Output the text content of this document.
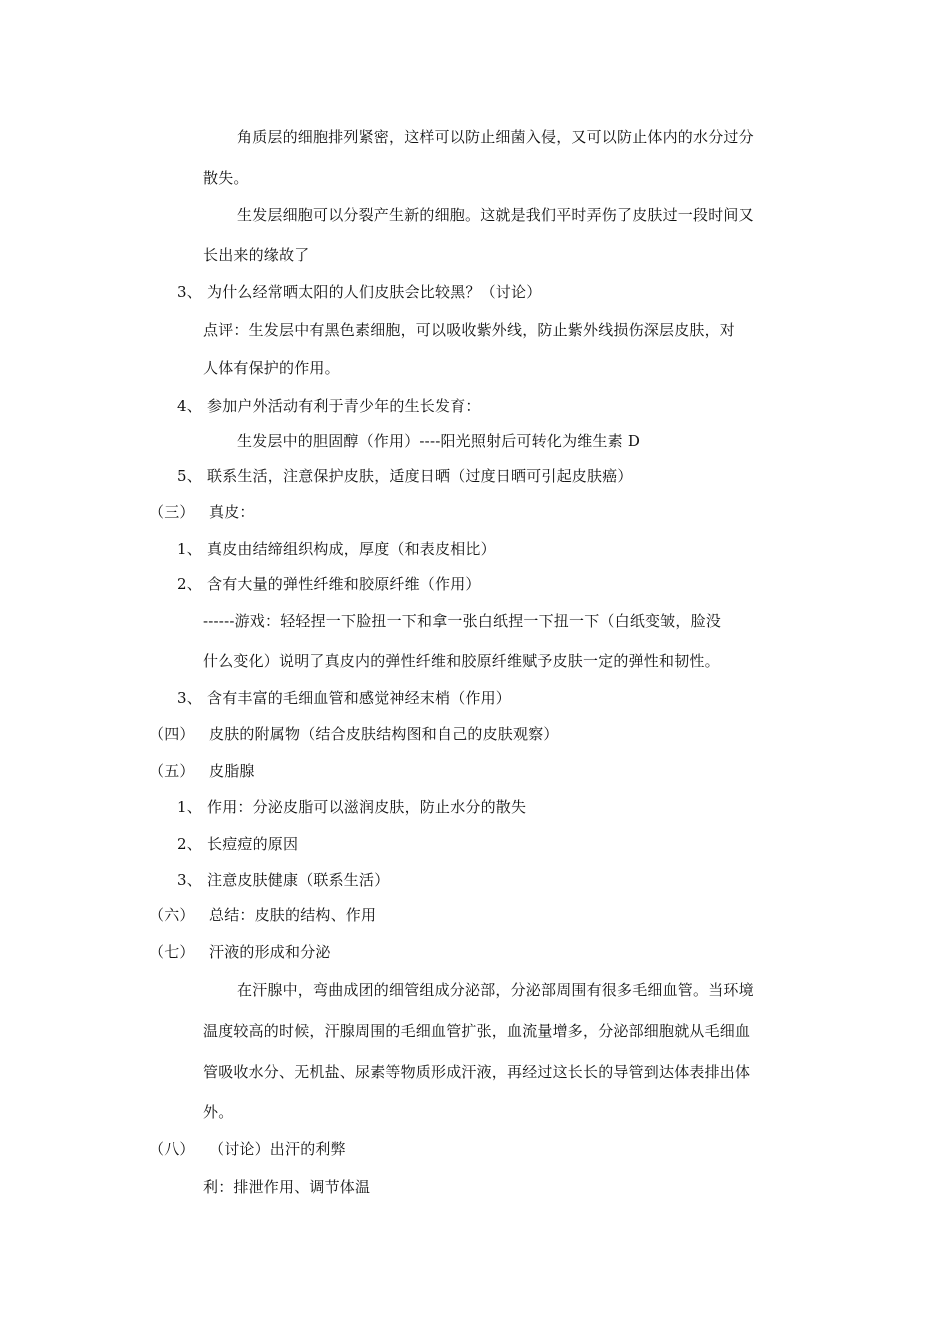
角质层的细胞排列紧密，这样可以防止细菌入侵，又可以防止体内的水分过分
散失。
生发层细胞可以分裂产生新的细胞。这就是我们平时弄伤了皮肤过一段时间又
长出来的缘故了
3、 为什么经常晒太阳的人们皮肤会比较黑？（讨论）
点评：生发层中有黑色素细胞，可以吸收紫外线，防止紫外线损伤深层皮肤，对
人体有保护的作用。
4、 参加户外活动有利于青少年的生长发育：
生发层中的胆固醇（作用）----阳光照射后可转化为维生素 D
5、 联系生活，注意保护皮肤，适度日晒（过度日晒可引起皮肤癌）
（三） 真皮：
1、 真皮由结缔组织构成，厚度（和表皮相比）
2、 含有大量的弹性纤维和胶原纤维（作用）
------游戏：轻轻捏一下脸扭一下和拿一张白纸捏一下扭一下（白纸变皱，脸没
什么变化）说明了真皮内的弹性纤维和胶原纤维赋予皮肤一定的弹性和韧性。
3、 含有丰富的毛细血管和感觉神经末梢（作用）
（四） 皮肤的附属物（结合皮肤结构图和自己的皮肤观察）
（五） 皮脂腺
1、 作用：分泌皮脂可以滋润皮肤，防止水分的散失
2、 长痘痘的原因
3、 注意皮肤健康（联系生活）
（六） 总结：皮肤的结构、作用
（七） 汗液的形成和分泌
在汗腺中，弯曲成团的细管组成分泌部，分泌部周围有很多毛细血管。当环境
温度较高的时候，汗腺周围的毛细血管扩张，血流量增多，分泌部细胞就从毛细血
管吸收水分、无机盐、尿素等物质形成汗液，再经过这长长的导管到达体表排出体
外。
（八） （讨论）出汗的利弊
利：排泄作用、调节体温
